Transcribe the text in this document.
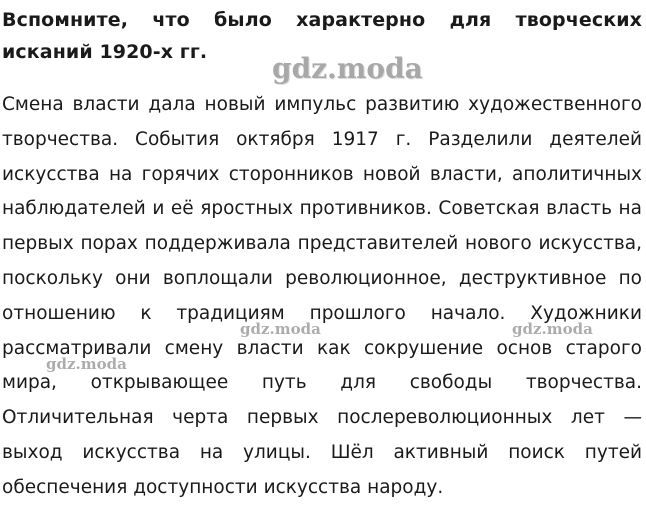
Вспомните, что было характерно для творческих исканий 1920-х гг.

Смена власти дала новый импульс развитию художественного творчества. События октября 1917 г. Разделили деятелей искусства на горячих сторонников новой власти, аполитичных наблюдателей и её яростных противников. Советская власть на первых порах поддерживала представителей нового искусства, поскольку они воплощали революционное, деструктивное по отношению к традициям прошлого начало. Художники рассматривали смену власти как сокрушение основ старого мира, открывающее путь для свободы творчества. Отличительная черта первых послереволюционных лет — выход искусства на улицы. Шёл активный поиск путей обеспечения доступности искусства народу.

gdz.moda
gdz.moda	gdz.moda
gdz.moda
